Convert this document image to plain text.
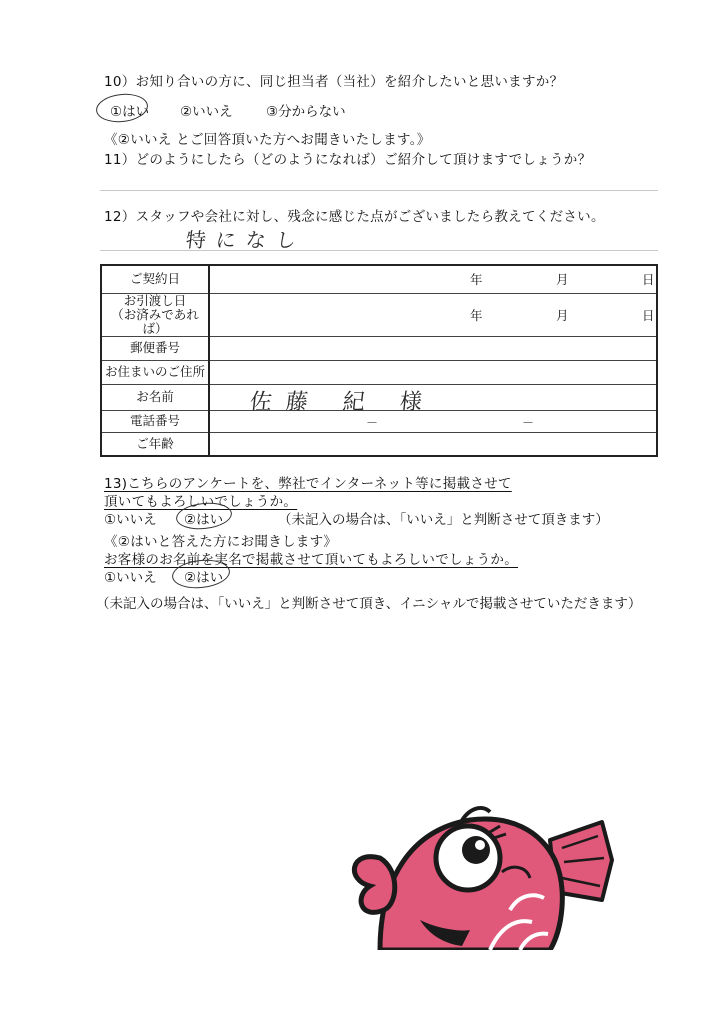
10）お知り合いの方に、同じ担当者（当社）を紹介したいと思いますか？
①はい ②いいえ ③分からない
《②いいえ とご回答頂いた方へお聞きいたします。》
11）どのようにしたら（どのようになれば）ご紹介して頂けますでしょうか？
12）スタッフや会社に対し、残念に感じた点がございましたら教えてください。
特になし
ご契約日	年 月 日

お引渡し日
（お済みであれば）	年 月 日

郵便番号	
お住まいのご住所	
お名前	佐藤 紀 様

電話番号	－ －

ご年齢	
13)こちらのアンケートを、弊社でインターネット等に掲載させて
頂いてもよろしいでしょうか。
①いいえ ②はい	（未記入の場合は、「いいえ」と判断させて頂きます）
《②はいと答えた方にお聞きします》
お客様のお名前を実名で掲載させて頂いてもよろしいでしょうか。
①いいえ ②はい
（未記入の場合は、「いいえ」と判断させて頂き、イニシャルで掲載させていただきます）
